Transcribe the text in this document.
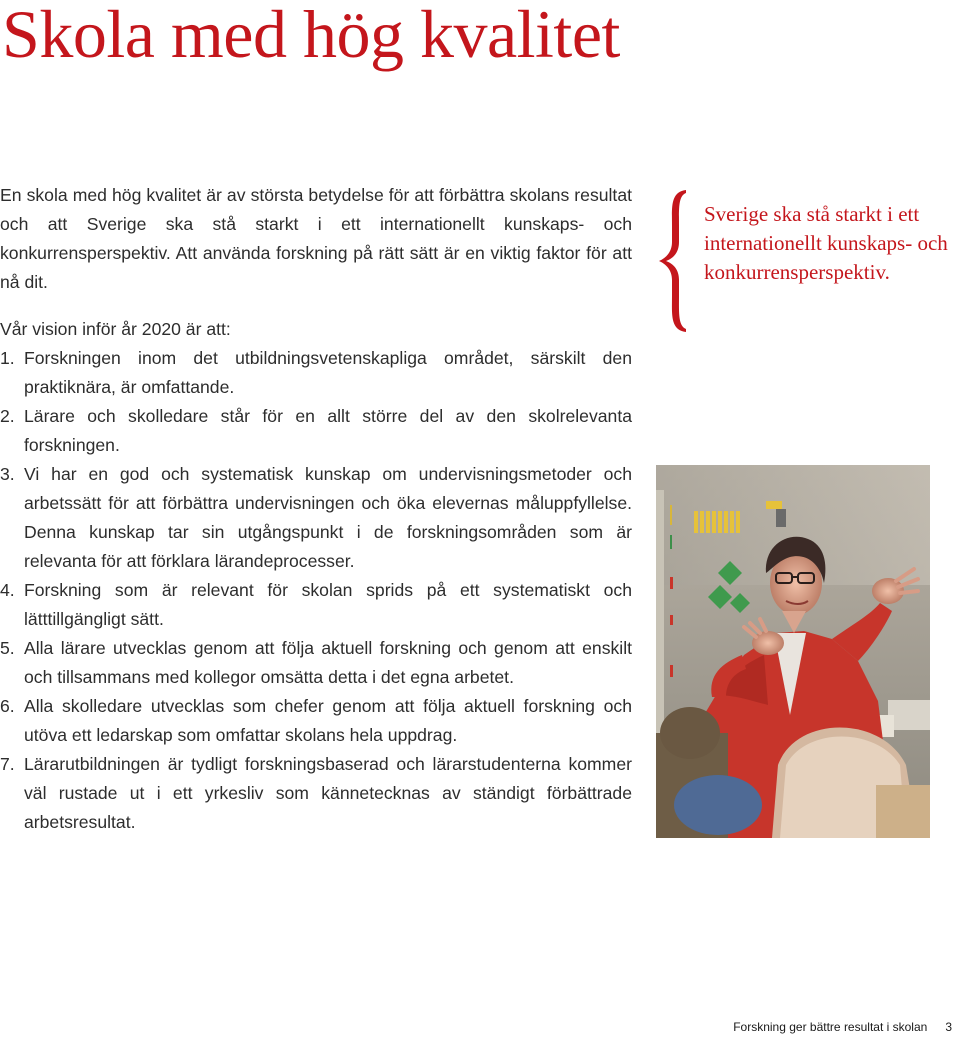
Skola med hög kvalitet

En skola med hög kvalitet är av största betydelse för att förbättra skolans resultat och att Sverige ska stå starkt i ett internationellt kunskaps- och konkurrensperspektiv. Att använda forskning på rätt sätt är en viktig faktor för att nå dit.

Vår vision inför år 2020 är att:

1. Forskningen inom det utbildningsvetenskapliga området, särskilt den praktiknära, är omfattande.
2. Lärare och skolledare står för en allt större del av den skolrelevanta forskningen.
3. Vi har en god och systematisk kunskap om undervisningsmetoder och arbetssätt för att förbättra undervisningen och öka elevernas måluppfyllelse. Denna kunskap tar sin utgångspunkt i de forskningsområden som är relevanta för att förklara lärandeprocesser.
4. Forskning som är relevant för skolan sprids på ett systematiskt och lätttillgängligt sätt.
5. Alla lärare utvecklas genom att följa aktuell forskning och genom att enskilt och tillsammans med kollegor omsätta detta i det egna arbetet.
6. Alla skolledare utvecklas som chefer genom att följa aktuell forskning och utöva ett ledarskap som omfattar skolans hela uppdrag.
7. Lärarutbildningen är tydligt forskningsbaserad och lärarstudenterna kommer väl rustade ut i ett yrkesliv som kännetecknas av ständigt förbättrade arbetsresultat.

Sverige ska stå starkt i ett internationellt kunskaps- och konkurrensperspektiv.

Forskning ger bättre resultat i skolan 3
